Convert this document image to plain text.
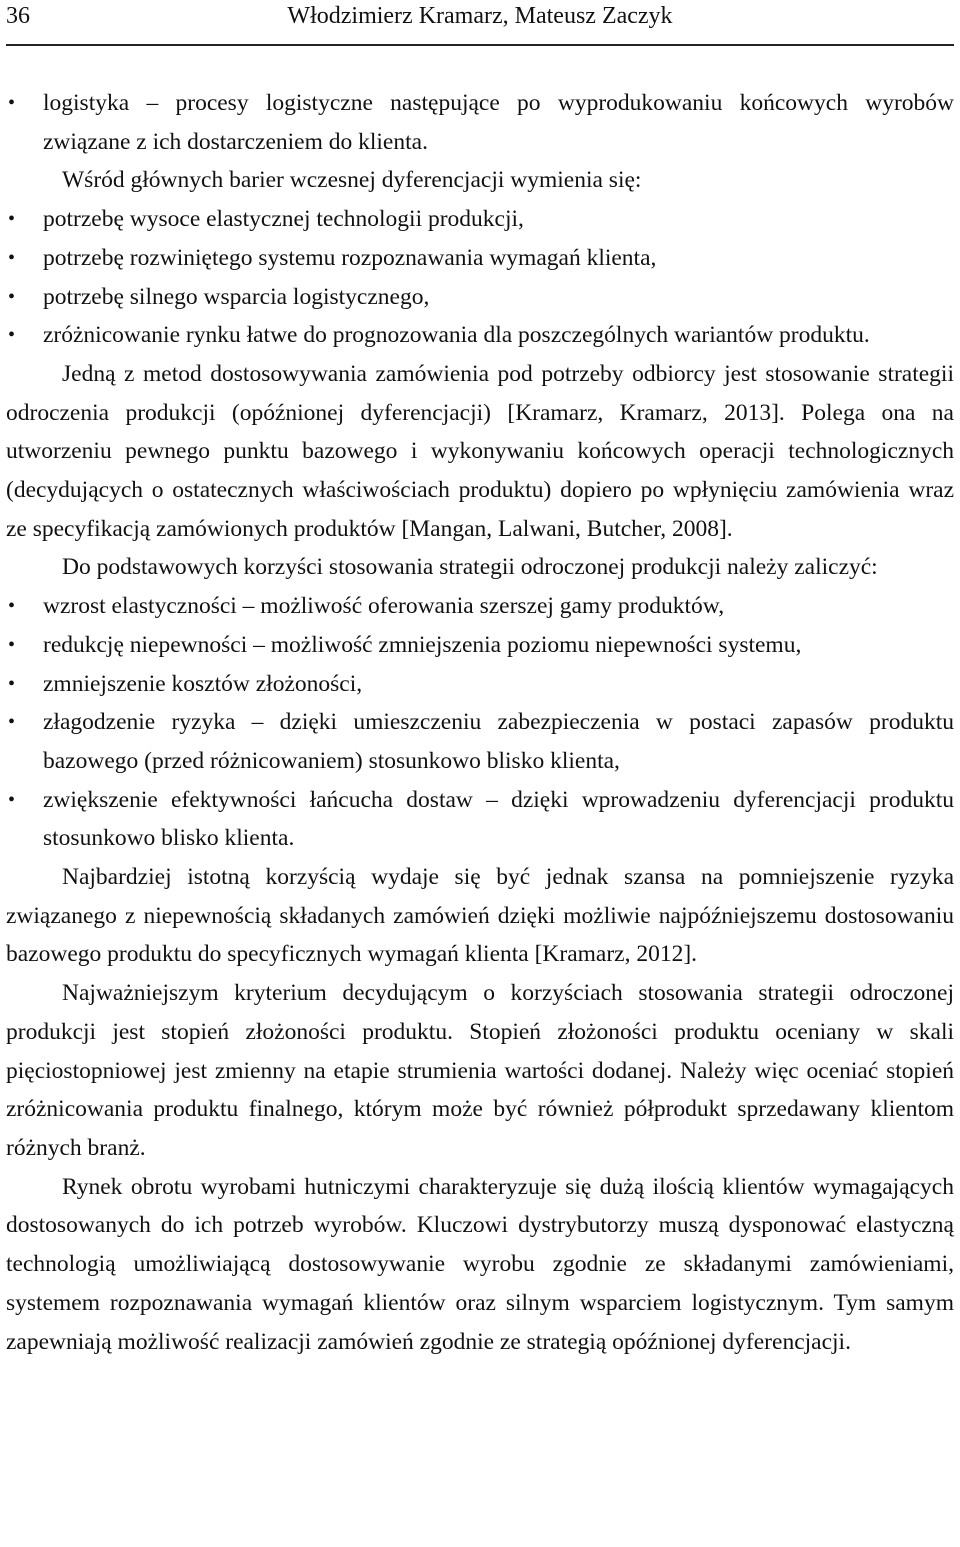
36	Włodzimierz Kramarz, Mateusz Zaczyk
•	logistyka – procesy logistyczne następujące po wyprodukowaniu końcowych wyrobów związane z ich dostarczeniem do klienta.

Wśród głównych barier wczesnej dyferencjacji wymienia się:

•	potrzebę wysoce elastycznej technologii produkcji,
•	potrzebę rozwiniętego systemu rozpoznawania wymagań klienta,
•	potrzebę silnego wsparcia logistycznego,
•	zróżnicowanie rynku łatwe do prognozowania dla poszczególnych wariantów produktu.

Jedną z metod dostosowywania zamówienia pod potrzeby odbiorcy jest stosowanie strategii odroczenia produkcji (opóźnionej dyferencjacji) [Kramarz, Kramarz, 2013]. Polega ona na utworzeniu pewnego punktu bazowego i wykonywaniu końcowych operacji technologicznych (decydujących o ostatecznych właściwościach produktu) dopiero po wpłynięciu zamówienia wraz ze specyfikacją zamówionych produktów [Mangan, Lalwani, Butcher, 2008].

Do podstawowych korzyści stosowania strategii odroczonej produkcji należy zaliczyć:

•	wzrost elastyczności – możliwość oferowania szerszej gamy produktów,
•	redukcję niepewności – możliwość zmniejszenia poziomu niepewności systemu,
•	zmniejszenie kosztów złożoności,
•	złagodzenie ryzyka – dzięki umieszczeniu zabezpieczenia w postaci zapasów produktu bazowego (przed różnicowaniem) stosunkowo blisko klienta,
•	zwiększenie efektywności łańcucha dostaw – dzięki wprowadzeniu dyferencjacji produktu stosunkowo blisko klienta.

Najbardziej istotną korzyścią wydaje się być jednak szansa na pomniejszenie ryzyka związanego z niepewnością składanych zamówień dzięki możliwie najpóźniejszemu dostosowaniu bazowego produktu do specyficznych wymagań klienta [Kramarz, 2012].

Najważniejszym kryterium decydującym o korzyściach stosowania strategii odroczonej produkcji jest stopień złożoności produktu. Stopień złożoności produktu oceniany w skali pięciostopniowej jest zmienny na etapie strumienia wartości dodanej. Należy więc oceniać stopień zróżnicowania produktu finalnego, którym może być również półprodukt sprzedawany klientom różnych branż.

Rynek obrotu wyrobami hutniczymi charakteryzuje się dużą ilością klientów wymagających dostosowanych do ich potrzeb wyrobów. Kluczowi dystrybutorzy muszą dysponować elastyczną technologią umożliwiającą dostosowywanie wyrobu zgodnie ze składanymi zamówieniami, systemem rozpoznawania wymagań klientów oraz silnym wsparciem logistycznym. Tym samym zapewniają możliwość realizacji zamówień zgodnie ze strategią opóźnionej dyferencjacji.
